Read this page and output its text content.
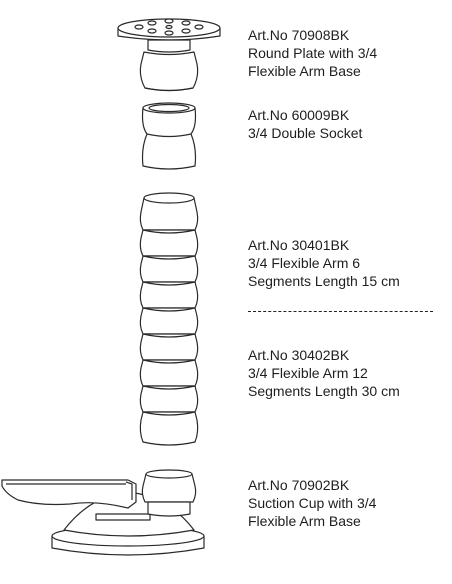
Art.No 70908BK
Round Plate with 3/4
Flexible Arm Base
Art.No 60009BK
3/4 Double Socket
Art.No 30401BK
3/4 Flexible Arm 6
Segments Length 15 cm
Art.No 30402BK
3/4 Flexible Arm 12
Segments Length 30 cm
Art.No 70902BK
Suction Cup with 3/4
Flexible Arm Base
